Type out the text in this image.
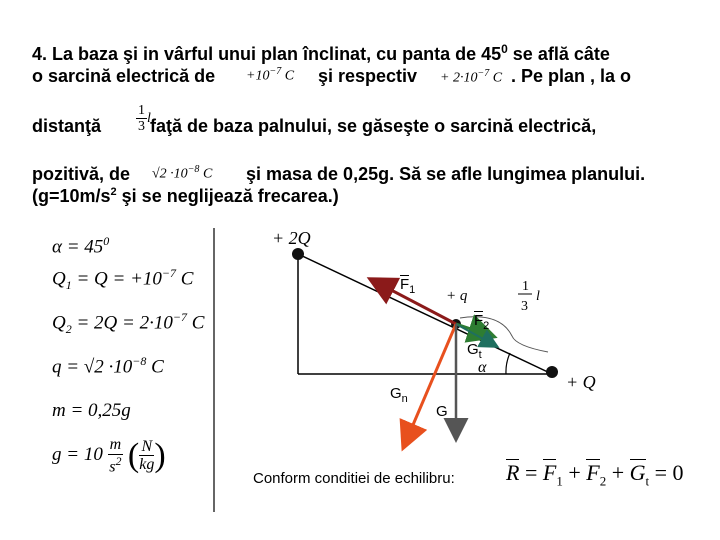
4. La baza şi in vârful unui plan înclinat, cu panta de $45^0$ se află câte
o sarcină electrică de $+10^{-7}$ C şi respectiv + $2\cdot 10^{-7}$ C . Pe plan , la o
distanţă $\frac{1}{3}$ l faţă de baza palnului, se găseşte o sarcină electrică,
pozitivă, de $√2 \cdot 10^{-8}$ C şi masa de 0,25g. Să se afle lungimea planului.
($g=10m/s^2$ şi se neglijează frecarea.)
$\alpha = 45^0$
$Q_1 = Q = +10^{-7}$ C
$Q_2 = 2Q = 2\cdot 10^{-7}$ C
$q = √2 \cdot 10^{-8}$ C
m = 0,25g
$g = 10 \frac{m}{s^2}$ ( $\frac{N}{kg}$ )
α
1
3
l
+ 2Q
+ Q
+ q
$F_1$
$F_2$
$G_t$
$G_n$
G
Conform conditiei de echilibru: $R = F_1 + F_2 + G_t = 0$
